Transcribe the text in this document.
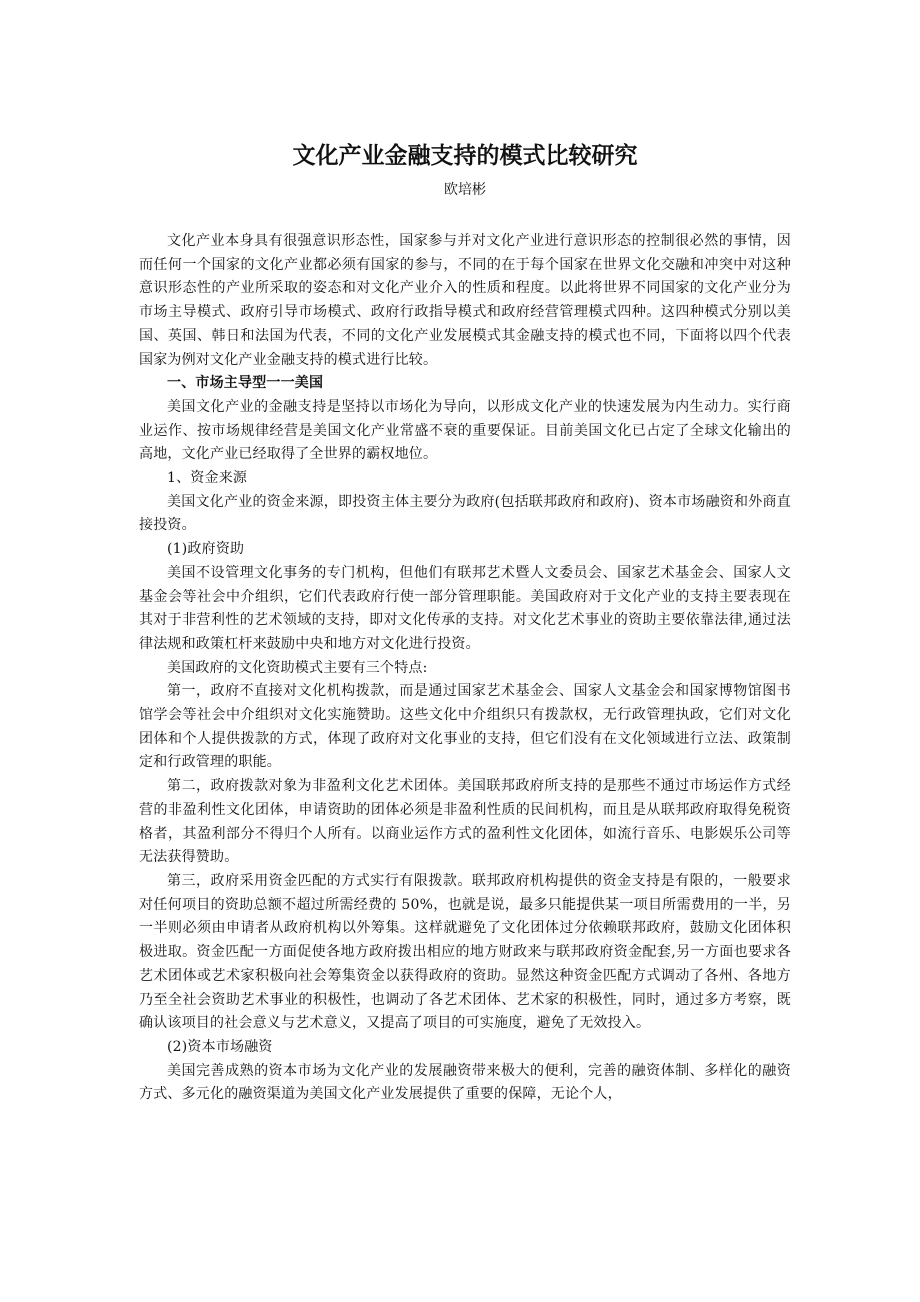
文化产业金融支持的模式比较研究
欧培彬

文化产业本身具有很强意识形态性，国家参与并对文化产业进行意识形态的控制很必然的事情，因而任何一个国家的文化产业都必须有国家的参与，不同的在于每个国家在世界文化交融和冲突中对这种意识形态性的产业所采取的姿态和对文化产业介入的性质和程度。以此将世界不同国家的文化产业分为市场主导模式、政府引导市场模式、政府行政指导模式和政府经营管理模式四种。这四种模式分别以美国、英国、韩日和法国为代表，不同的文化产业发展模式其金融支持的模式也不同，下面将以四个代表国家为例对文化产业金融支持的模式进行比较。

一、市场主导型一一美国

美国文化产业的金融支持是坚持以市场化为导向，以形成文化产业的快速发展为内生动力。实行商业运作、按市场规律经营是美国文化产业常盛不衰的重要保证。目前美国文化已占定了全球文化输出的高地，文化产业已经取得了全世界的霸权地位。

1、资金来源

美国文化产业的资金来源，即投资主体主要分为政府(包括联邦政府和政府)、资本市场融资和外商直接投资。

(1)政府资助

美国不设管理文化事务的专门机构，但他们有联邦艺术暨人文委员会、国家艺术基金会、国家人文基金会等社会中介组织，它们代表政府行使一部分管理职能。美国政府对于文化产业的支持主要表现在其对于非营利性的艺术领域的支持，即对文化传承的支持。对文化艺术事业的资助主要依靠法律,通过法律法规和政策杠杆来鼓励中央和地方对文化进行投资。

美国政府的文化资助模式主要有三个特点:

第一，政府不直接对文化机构拨款，而是通过国家艺术基金会、国家人文基金会和国家博物馆图书馆学会等社会中介组织对文化实施赞助。这些文化中介组织只有拨款权，无行政管理执政，它们对文化团体和个人提供拨款的方式，体现了政府对文化事业的支持，但它们没有在文化领域进行立法、政策制定和行政管理的职能。

第二，政府拨款对象为非盈利文化艺术团体。美国联邦政府所支持的是那些不通过市场运作方式经营的非盈利性文化团体，申请资助的团体必须是非盈利性质的民间机构，而且是从联邦政府取得免税资格者，其盈利部分不得归个人所有。以商业运作方式的盈利性文化团体，如流行音乐、电影娱乐公司等无法获得赞助。

第三，政府采用资金匹配的方式实行有限拨款。联邦政府机构提供的资金支持是有限的，一般要求对任何项目的资助总额不超过所需经费的 50%，也就是说，最多只能提供某一项目所需费用的一半，另一半则必须由申请者从政府机构以外筹集。这样就避免了文化团体过分依赖联邦政府，鼓励文化团体积极进取。资金匹配一方面促使各地方政府拨出相应的地方财政来与联邦政府资金配套,另一方面也要求各艺术团体或艺术家积极向社会筹集资金以获得政府的资助。显然这种资金匹配方式调动了各州、各地方乃至全社会资助艺术事业的积极性，也调动了各艺术团体、艺术家的积极性，同时，通过多方考察，既确认该项目的社会意义与艺术意义，又提高了项目的可实施度，避免了无效投入。

(2)资本市场融资

美国完善成熟的资本市场为文化产业的发展融资带来极大的便利，完善的融资体制、多样化的融资方式、多元化的融资渠道为美国文化产业发展提供了重要的保障，无论个人，
